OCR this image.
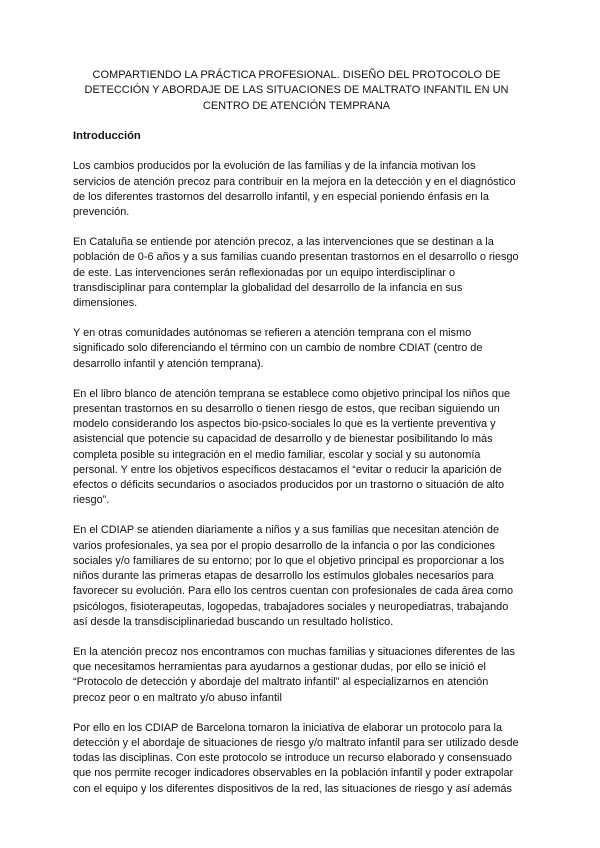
COMPARTIENDO LA PRÁCTICA PROFESIONAL. DISEÑO DEL PROTOCOLO DE DETECCIÓN Y ABORDAJE DE LAS SITUACIONES DE MALTRATO INFANTIL EN UN CENTRO DE ATENCIÓN TEMPRANA
Introducción

Los cambios producidos por la evolución de las familias y de la infancia motivan los servicios de atención precoz para contribuir en la mejora en la detección y en el diagnóstico de los diferentes trastornos del desarrollo infantil, y en especial poniendo énfasis en la prevención.

En Cataluña se entiende por atención precoz, a las intervenciones que se destinan a la población de 0-6 años y a sus familias cuando presentan trastornos en el desarrollo o riesgo de este. Las intervenciones serán reflexionadas por un equipo interdisciplinar o transdisciplinar para contemplar la globalidad del desarrollo de la infancia en sus dimensiones.

Y en otras comunidades autónomas se refieren a atención temprana con el mismo significado solo diferenciando el término con un cambio de nombre CDIAT (centro de desarrollo infantil y atención temprana).

En el libro blanco de atención temprana se establece como objetivo principal los niños que presentan trastornos en su desarrollo o tienen riesgo de estos, que reciban siguiendo un modelo considerando los aspectos bio-psico-sociales lo que es la vertiente preventiva y asistencial que potencie su capacidad de desarrollo y de bienestar posibilitando lo más completa posible su integración en el medio familiar, escolar y social y su autonomía personal. Y entre los objetivos específicos destacamos el “evitar o reducir la aparición de efectos o déficits secundarios o asociados producidos por un trastorno o situación de alto riesgo”.

En el CDIAP se atienden diariamente a niños y a sus familias que necesitan atención de varios profesionales, ya sea por el propio desarrollo de la infancia o por las condiciones sociales y/o familiares de su entorno; por lo que el objetivo principal es proporcionar a los niños durante las primeras etapas de desarrollo los estímulos globales necesarios para favorecer su evolución. Para ello los centros cuentan con profesionales de cada área como psicólogos, fisioterapeutas, logopedas, trabajadores sociales y neuropediatras, trabajando así desde la transdisciplinariedad buscando un resultado holístico.

En la atención precoz nos encontramos con muchas familias y situaciones diferentes de las que necesitamos herramientas para ayudarnos a gestionar dudas, por ello se inició el “Protocolo de detección y abordaje del maltrato infantil” al especializarnos en atención precoz peor o en maltrato y/o abuso infantil

Por ello en los CDIAP de Barcelona tomaron la iniciativa de elaborar un protocolo para la detección y el abordaje de situaciones de riesgo y/o maltrato infantil para ser utilizado desde todas las disciplinas. Con este protocolo se introduce un recurso elaborado y consensuado que nos permite recoger indicadores observables en la población infantil y poder extrapolar con el equipo y los diferentes dispositivos de la red, las situaciones de riesgo y así además
